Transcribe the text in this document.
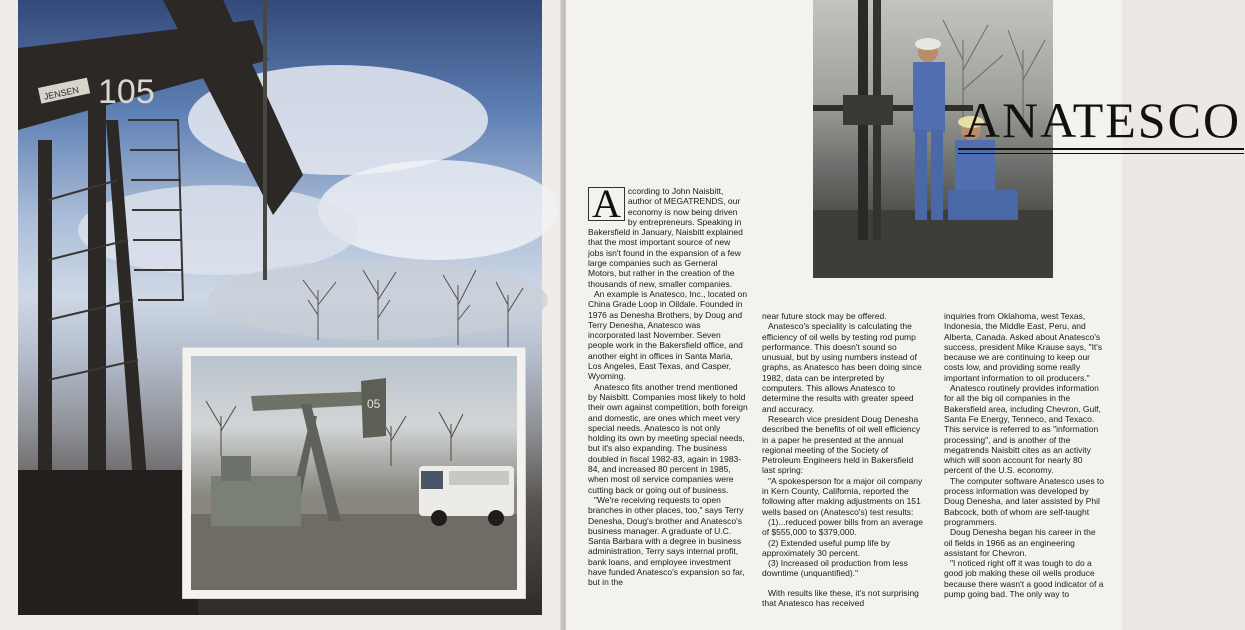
105
JENSEN
05
ANATESCO
A ccording to John Naisbitt, author of MEGATRENDS, our economy is now being driven by entrepreneurs. Speaking in Bakersfield in January, Naisbitt explained that the most important source of new jobs isn't found in the expansion of a few large companies such as Gerneral Motors, but rather in the creation of the thousands of new, smaller companies.

An example is Anatesco, Inc., located on China Grade Loop in Oildale. Founded in 1976 as Denesha Brothers, by Doug and Terry Denesha, Anatesco was incorporated last November. Seven people work in the Bakersfield office, and another eight in offices in Santa Maria, Los Angeles, East Texas, and Casper, Wyoming.

Anatesco fits another trend mentioned by Naisbitt. Companies most likely to hold their own against competition, both foreign and domestic, are ones which meet very special needs. Anatesco is not only holding its own by meeting special needs, but it's also expanding. The business doubled in fiscal 1982-83, again in 1983-84, and increased 80 percent in 1985, when most oil service companies were cutting back or going out of business.

"We're receiving requests to open branches in other places, too," says Terry Denesha, Doug's brother and Anatesco's business manager. A graduate of U.C. Santa Barbara with a degree in business administration, Terry says internal profit, bank loans, and employee investment have funded Anatesco's expansion so far, but in the

near future stock may be offered.

Anatesco's speciality is calculating the efficiency of oil wells by testing rod pump performance. This doesn't sound so unusual, but by using numbers instead of graphs, as Anatesco has been doing since 1982, data can be interpreted by computers. This allows Anatesco to determine the results with greater speed and accuracy.

Research vice president Doug Denesha described the benefits of oil well efficiency in a paper he presented at the annual regional meeting of the Society of Petroleum Engineers held in Bakersfield last spring:

"A spokesperson for a major oil company in Kern County, California, reported the following after making adjustments on 151 wells based on (Anatesco's) test results:

(1)...reduced power bills from an average of $555,000 to $379,000.

(2) Extended useful pump life by approximately 30 percent.

(3) Increased oil production from less downtime (unquantified)."

With results like these, it's not surprising that Anatesco has received

inquiries from Oklahoma, west Texas, Indonesia, the Middle East, Peru, and Alberta, Canada. Asked about Anatesco's success, president Mike Krause says, "It's because we are continuing to keep our costs low, and providing some really important information to oil producers."

Anatesco routinely provides information for all the big oil companies in the Bakersfield area, including Chevron, Gulf, Santa Fe Energy, Tenneco, and Texaco. This service is referred to as "information processing", and is another of the megatrends Naisbitt cites as an activity which will soon account for nearly 80 percent of the U.S. economy.

The computer software Anatesco uses to process information was developed by Doug Denesha, and later assisted by Phil Babcock, both of whom are self-taught programmers.

Doug Denesha began his career in the oil fields in 1966 as an engineering assistant for Chevron.

"I noticed right off it was tough to do a good job making these oil wells produce because there wasn't a good indicator of a pump going bad. The only way to
